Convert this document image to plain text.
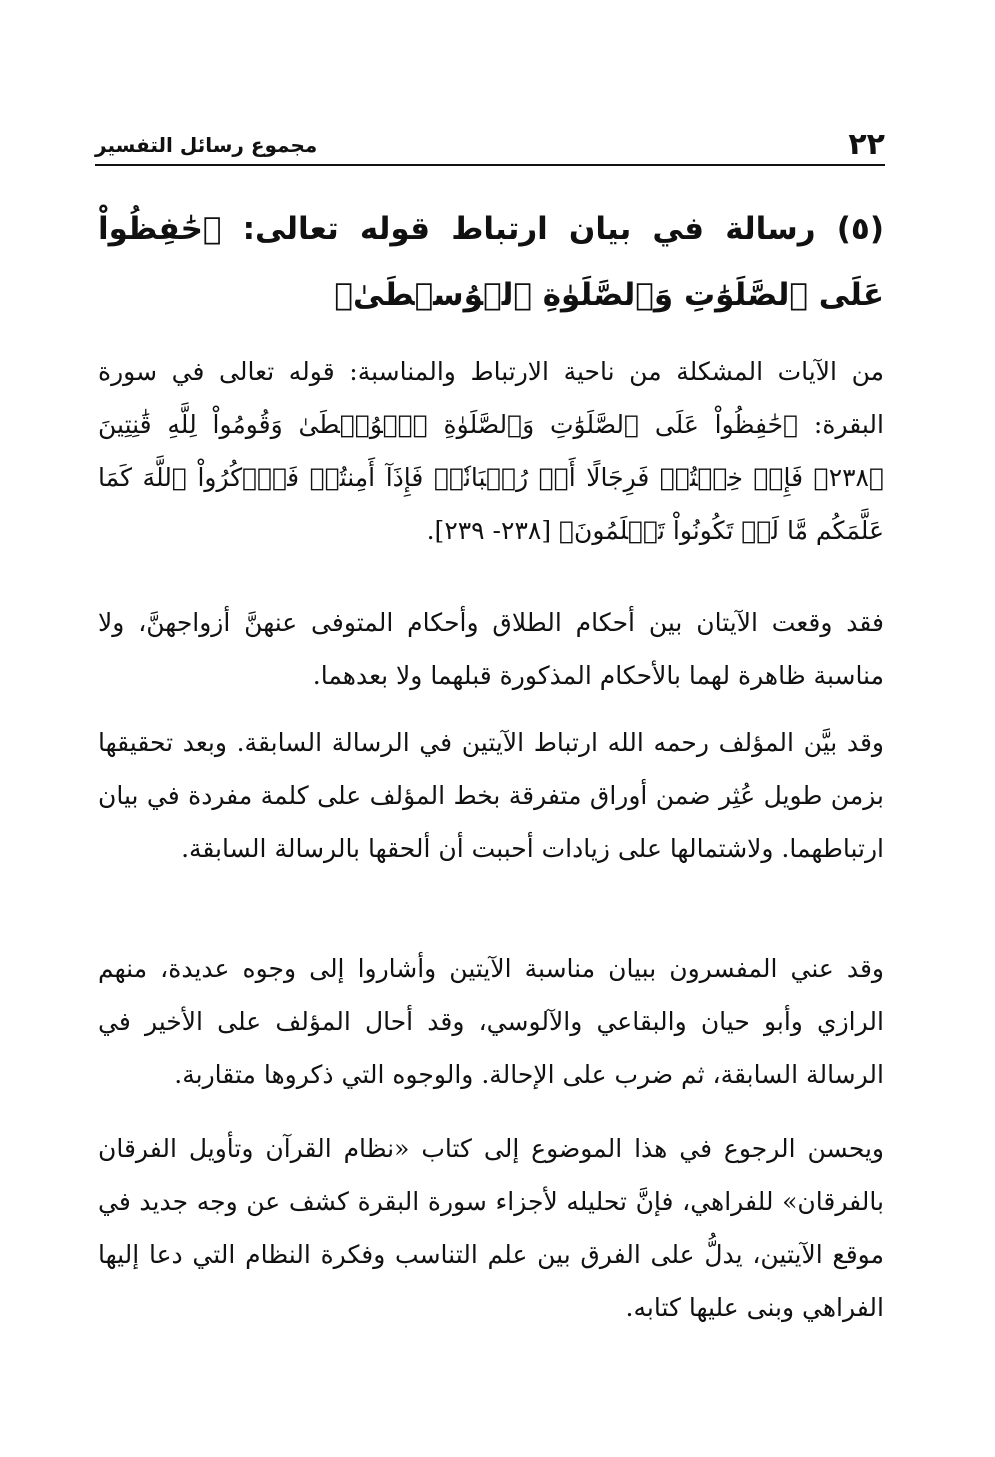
٢٢
مجموع رسائل التفسير

(٥) رسالة في بيان ارتباط قوله تعالى: ﴿حَٰفِظُواْ عَلَى ٱلصَّلَوَٰتِ وَٱلصَّلَوٰةِ ٱلۡوُسۡطَىٰ﴾

من الآيات المشكلة من ناحية الارتباط والمناسبة: قوله تعالى في سورة البقرة: ﴿حَٰفِظُواْ عَلَى ٱلصَّلَوَٰتِ وَٱلصَّلَوٰةِ ٱلۡوُسۡطَىٰ وَقُومُواْ لِلَّهِ قَٰنِتِينَ ﴿٢٣٨﴾ فَإِنۡ خِفۡتُمۡ فَرِجَالًا أَوۡ رُكۡبَانٗاۖ فَإِذَآ أَمِنتُمۡ فَٱذۡكُرُواْ ٱللَّهَ كَمَا عَلَّمَكُم مَّا لَمۡ تَكُونُواْ تَعۡلَمُونَ﴾ [٢٣٨- ٢٣٩].

فقد وقعت الآيتان بين أحكام الطلاق وأحكام المتوفى عنهنَّ أزواجهنَّ، ولا مناسبة ظاهرة لهما بالأحكام المذكورة قبلهما ولا بعدهما.

وقد بيَّن المؤلف رحمه الله ارتباط الآيتين في الرسالة السابقة. وبعد تحقيقها بزمن طويل عُثِر ضمن أوراق متفرقة بخط المؤلف على كلمة مفردة في بيان ارتباطهما. ولاشتمالها على زيادات أحببت أن ألحقها بالرسالة السابقة.

وقد عني المفسرون ببيان مناسبة الآيتين وأشاروا إلى وجوه عديدة، منهم الرازي وأبو حيان والبقاعي والآلوسي، وقد أحال المؤلف على الأخير في الرسالة السابقة، ثم ضرب على الإحالة. والوجوه التي ذكروها متقاربة.

ويحسن الرجوع في هذا الموضوع إلى كتاب «نظام القرآن وتأويل الفرقان بالفرقان» للفراهي، فإنَّ تحليله لأجزاء سورة البقرة كشف عن وجه جديد في موقع الآيتين، يدلُّ على الفرق بين علم التناسب وفكرة النظام التي دعا إليها الفراهي وبنى عليها كتابه.
